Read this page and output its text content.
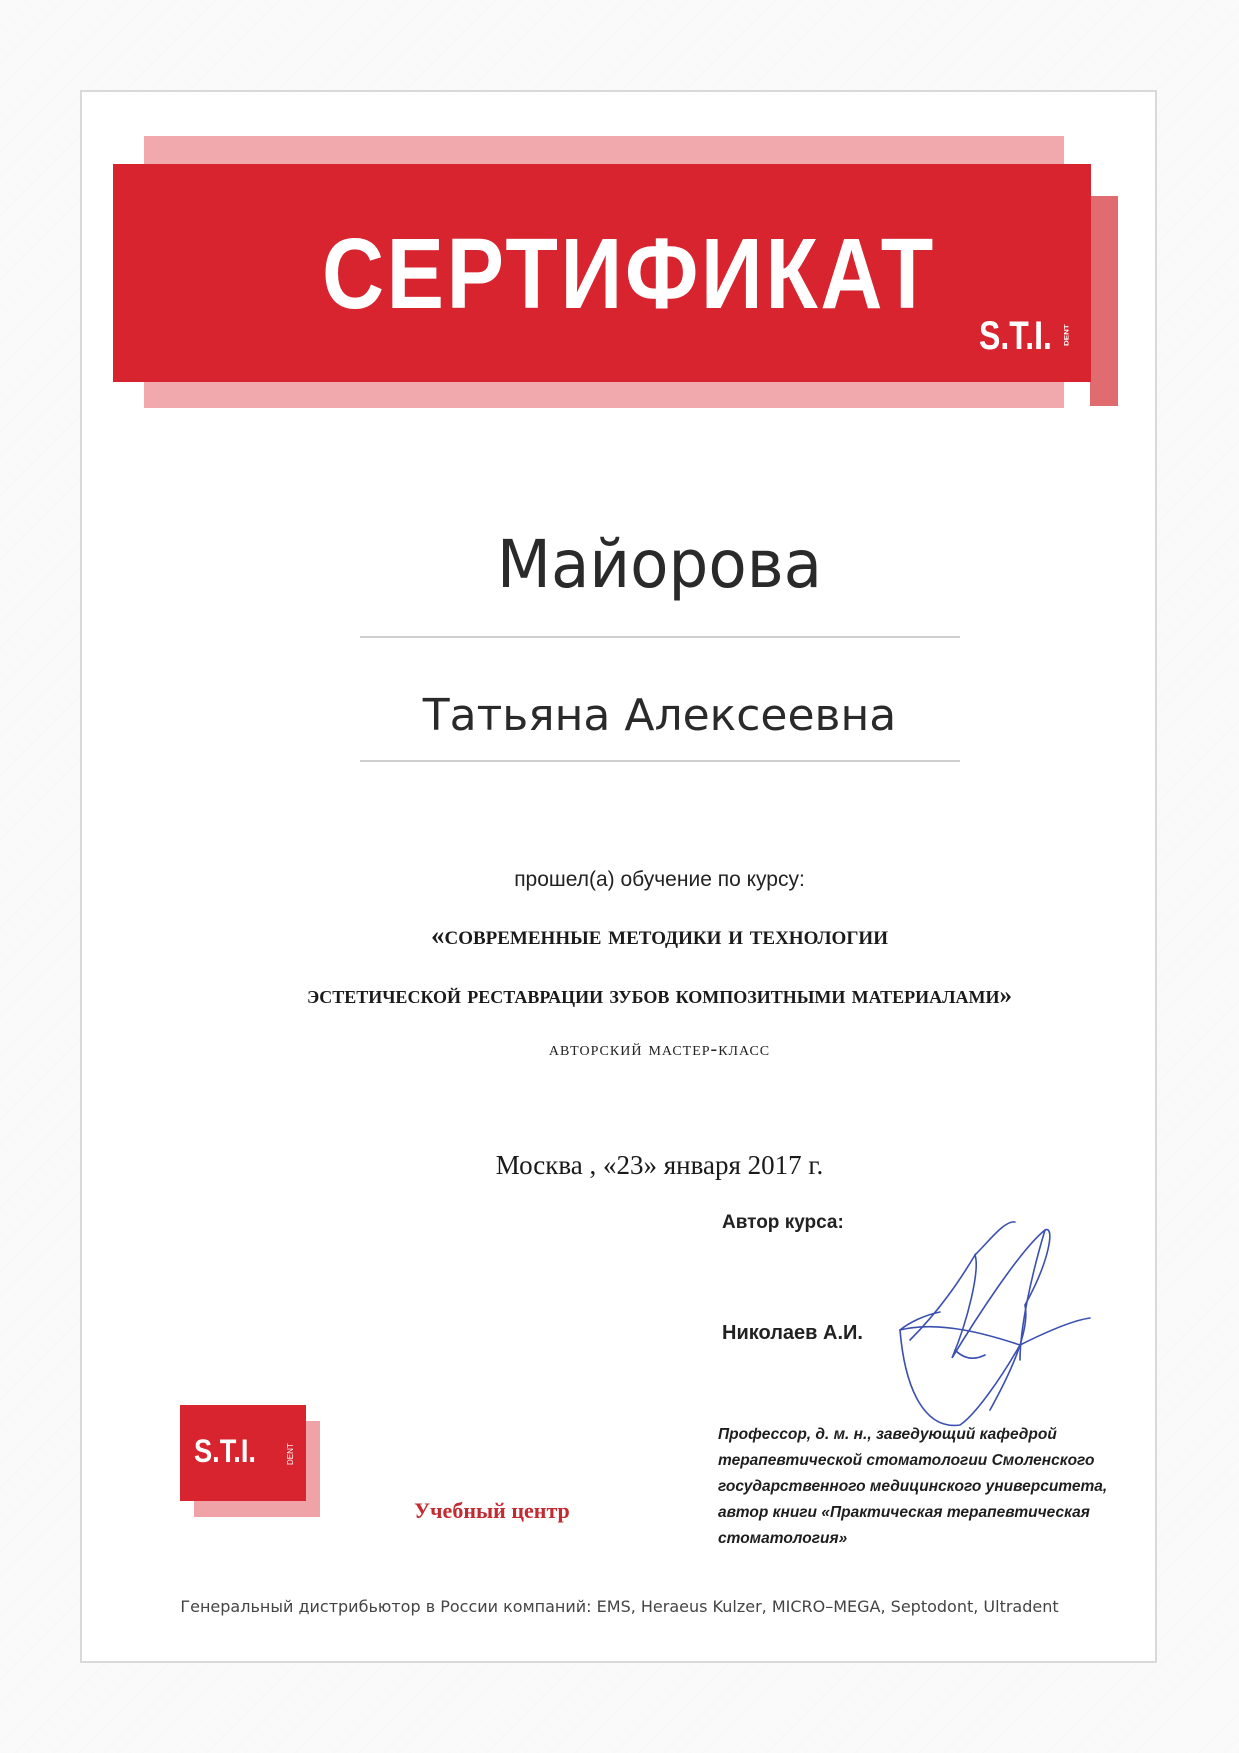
СЕРТИФИКАТ
S.T.I. DENT
Майорова
Татьяна Алексеевна
прошел(а) обучение по курсу:
«современные методики и технологии
эстетической реставрации зубов композитными материалами»
авторский мастер-класс
Москва , «23» января 2017 г.
Автор курса:
Николаев А.И.
Профессор, д. м. н., заведующий кафедрой
терапевтической стоматологии Смоленского
государственного медицинского университета,
автор книги «Практическая терапевтическая
стоматология»
S.T.I.	DENT
Учебный центр
Генеральный дистрибьютор в России компаний: EMS, Heraeus Kulzer, MICRO–MEGA, Septodont, Ultradent
